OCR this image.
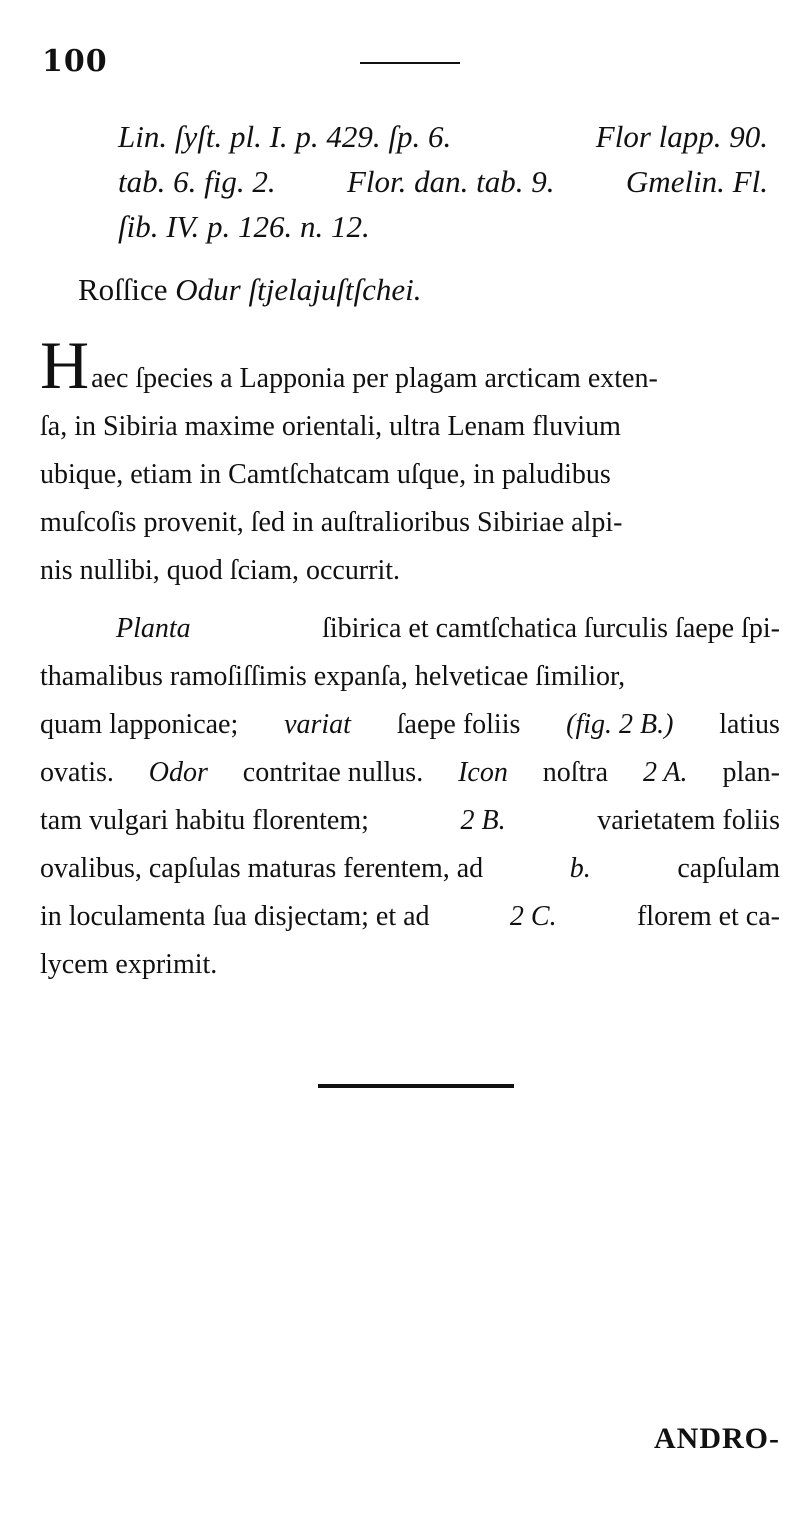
100
Lin. ſyſt. pl. I. p. 429. ſp. 6.	Flor lapp. 90.
tab. 6. fig. 2. Flor. dan. tab. 9. Gmelin. Fl.
ſib. IV. p. 126. n. 12.
Roſſice Odur ſtjelajuſtſchei.
Haec ſpecies a Lapponia per plagam arcticam exten-
ſa, in Sibiria maxime orientali, ultra Lenam fluvium
ubique, etiam in Camtſchatcam uſque, in paludibus
muſcoſis provenit, ſed in auſtralioribus Sibiriae alpi-
nis nullibi, quod ſciam, occurrit.
Planta	ſibirica et camtſchatica ſurculis ſaepe ſpi-
thamalibus ramoſiſſimis expanſa, helveticae ſimilior,
quam lapponicae; variat ſaepe foliis (fig. 2 B.) latius
ovatis. Odor contritae nullus. Icon noſtra 2 A. plan-
tam vulgari habitu florentem;	2 B.	varietatem foliis
ovalibus, capſulas maturas ferentem, ad	b.	capſulam
in loculamenta ſua disjectam; et ad	2 C.	florem et ca-
lycem exprimit.
ANDRO-
